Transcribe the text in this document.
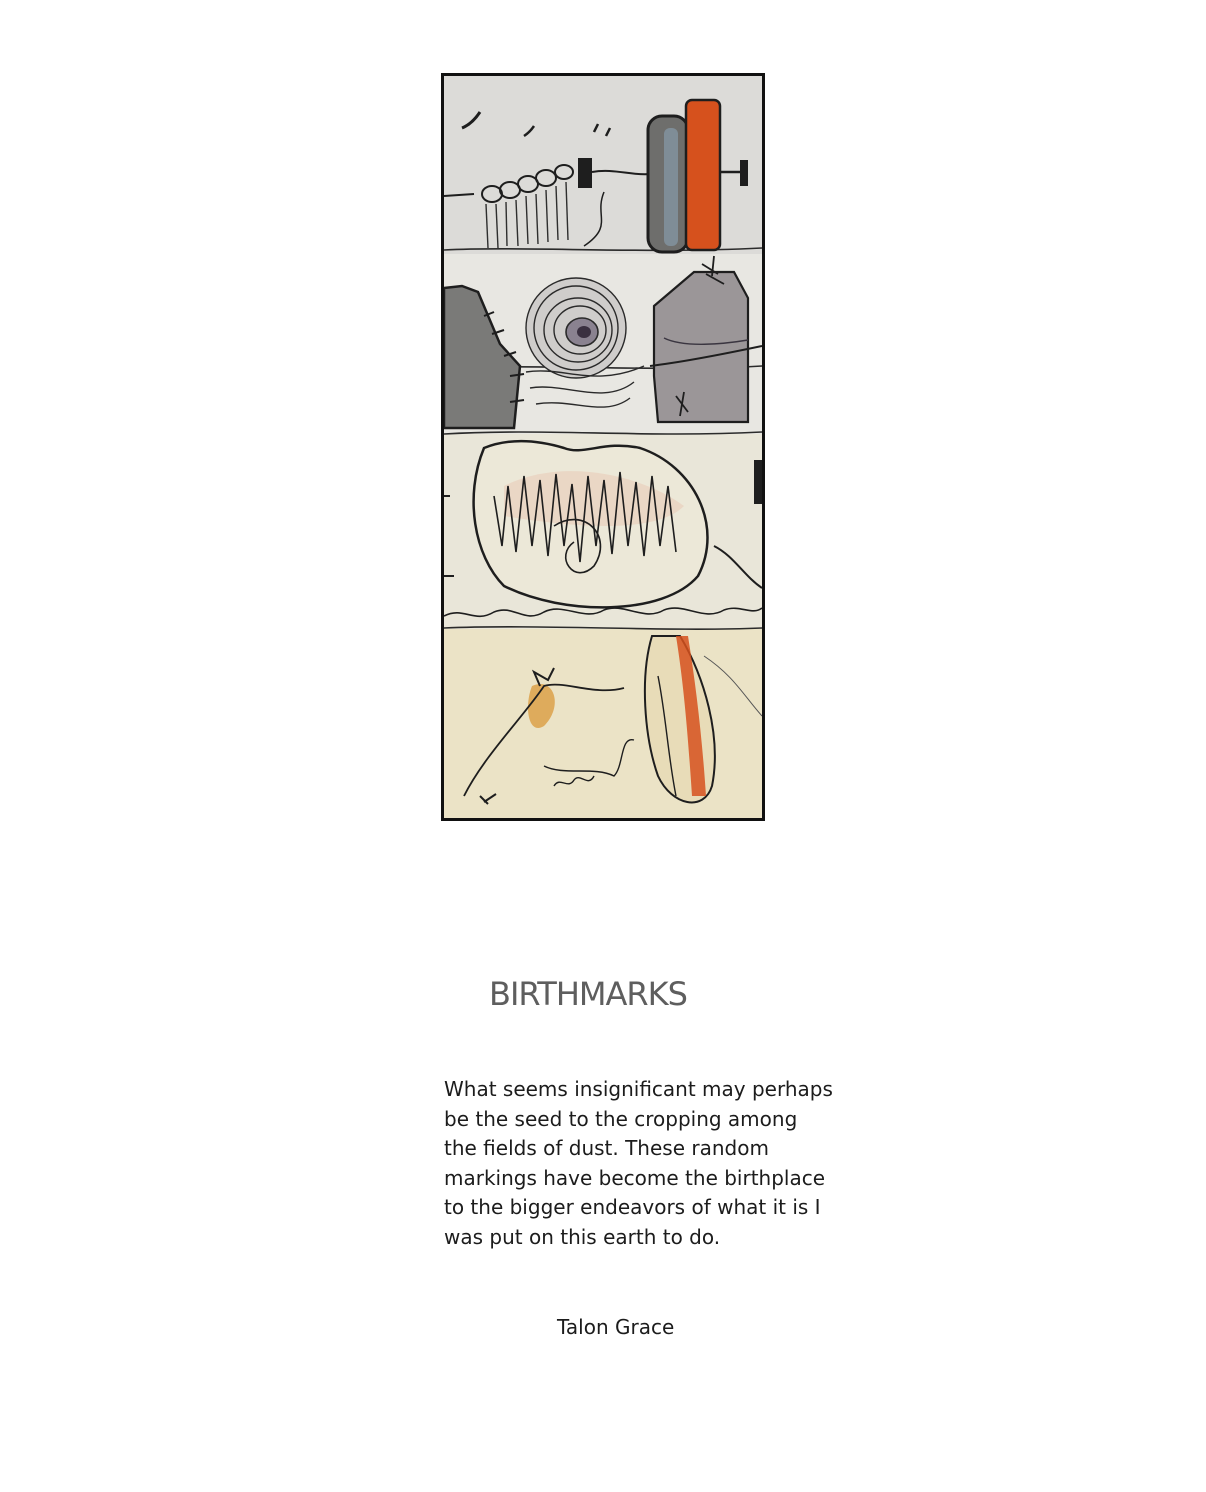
BIRTHMARKS

What seems insignificant may perhaps
be the seed to the cropping among
the fields of dust. These random
markings have become the birthplace
to the bigger endeavors of what it is I
was put on this earth to do.

Talon Grace
